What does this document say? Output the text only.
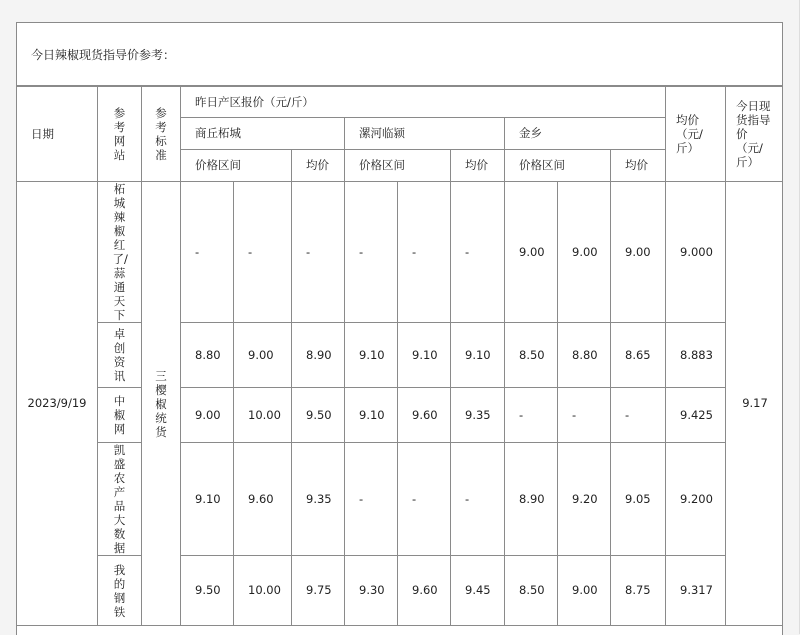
今日辣椒现货指导价参考：
日期	参考网站	参考标准	昨日产区报价（元/斤）									均价（元/斤）	今日现货指导价（元/斤）
			商丘柘城			漯河临颍			金乡				
			价格区间		均价	价格区间		均价	价格区间		均价		
2023/9/19	柘城辣椒红了/蒜通天下	三樱椒统货	-	-	-	-	-	-	9.00	9.00	9.00	9.000	9.17

	卓创资讯		8.80	9.00	8.90	9.10	9.10	9.10	8.50	8.80	8.65	8.883	

	中椒网		9.00	10.00	9.50	9.10	9.60	9.35	-	-	-	9.425	

	凯盛农产品大数据		9.10	9.60	9.35	-	-	-	8.90	9.20	9.05	9.200	

	我的钢铁		9.50	10.00	9.75	9.30	9.60	9.45	8.50	9.00	8.75	9.317	
